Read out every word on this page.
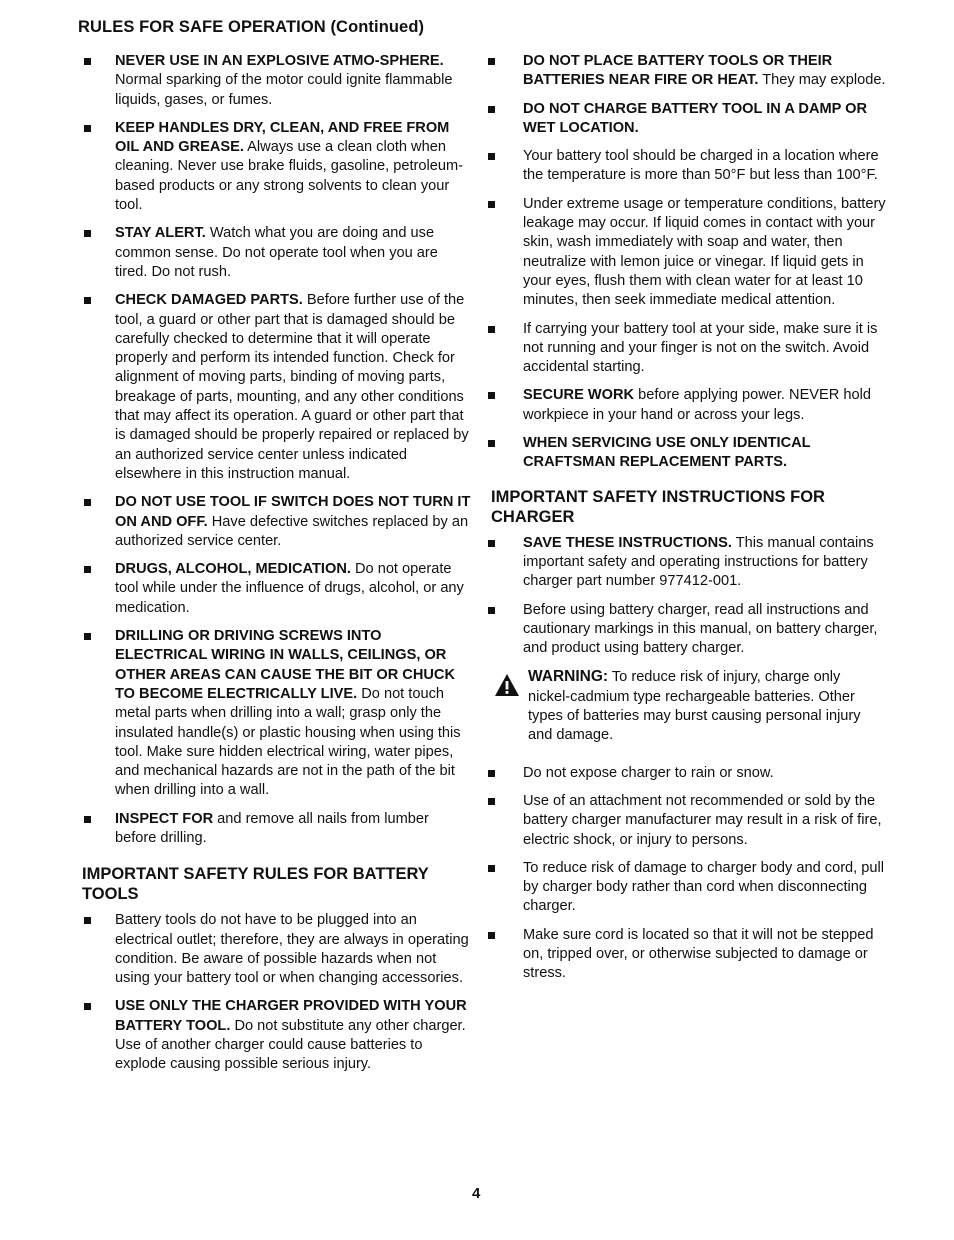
RULES FOR SAFE OPERATION (Continued)
NEVER USE IN AN EXPLOSIVE ATMO-SPHERE. Normal sparking of the motor could ignite flammable liquids, gases, or fumes.
KEEP HANDLES DRY, CLEAN, AND FREE FROM OIL AND GREASE. Always use a clean cloth when cleaning. Never use brake fluids, gasoline, petroleum-based products or any strong solvents to clean your tool.
STAY ALERT. Watch what you are doing and use common sense. Do not operate tool when you are tired. Do not rush.
CHECK DAMAGED PARTS. Before further use of the tool, a guard or other part that is damaged should be carefully checked to determine that it will operate properly and perform its intended function. Check for alignment of moving parts, binding of moving parts, breakage of parts, mounting, and any other conditions that may affect its operation. A guard or other part that is damaged should be properly repaired or replaced by an authorized service center unless indicated elsewhere in this instruction manual.
DO NOT USE TOOL IF SWITCH DOES NOT TURN IT ON AND OFF. Have defective switches replaced by an authorized service center.
DRUGS, ALCOHOL, MEDICATION. Do not operate tool while under the influence of drugs, alcohol, or any medication.
DRILLING OR DRIVING SCREWS INTO ELECTRICAL WIRING IN WALLS, CEILINGS, OR OTHER AREAS CAN CAUSE THE BIT OR CHUCK TO BECOME ELECTRICALLY LIVE. Do not touch metal parts when drilling into a wall; grasp only the insulated handle(s) or plastic housing when using this tool. Make sure hidden electrical wiring, water pipes, and mechanical hazards are not in the path of the bit when drilling into a wall.
INSPECT FOR and remove all nails from lumber before drilling.
IMPORTANT SAFETY RULES FOR BATTERY TOOLS
Battery tools do not have to be plugged into an electrical outlet; therefore, they are always in operating condition. Be aware of possible hazards when not using your battery tool or when changing accessories.
USE ONLY THE CHARGER PROVIDED WITH YOUR BATTERY TOOL. Do not substitute any other charger. Use of another charger could cause batteries to explode causing possible serious injury.
DO NOT PLACE BATTERY TOOLS OR THEIR BATTERIES NEAR FIRE OR HEAT. They may explode.
DO NOT CHARGE BATTERY TOOL IN A DAMP OR WET LOCATION.
Your battery tool should be charged in a location where the temperature is more than 50°F but less than 100°F.
Under extreme usage or temperature conditions, battery leakage may occur. If liquid comes in contact with your skin, wash immediately with soap and water, then neutralize with lemon juice or vinegar. If liquid gets in your eyes, flush them with clean water for at least 10 minutes, then seek immediate medical attention.
If carrying your battery tool at your side, make sure it is not running and your finger is not on the switch. Avoid accidental starting.
SECURE WORK before applying power. NEVER hold workpiece in your hand or across your legs.
WHEN SERVICING USE ONLY IDENTICAL CRAFTSMAN REPLACEMENT PARTS.
IMPORTANT SAFETY INSTRUCTIONS FOR CHARGER
SAVE THESE INSTRUCTIONS. This manual contains important safety and operating instructions for battery charger part number 977412-001.
Before using battery charger, read all instructions and cautionary markings in this manual, on battery charger, and product using battery charger.
WARNING: To reduce risk of injury, charge only nickel-cadmium type rechargeable batteries. Other types of batteries may burst causing personal injury and damage.
Do not expose charger to rain or snow.
Use of an attachment not recommended or sold by the battery charger manufacturer may result in a risk of fire, electric shock, or injury to persons.
To reduce risk of damage to charger body and cord, pull by charger body rather than cord when disconnecting charger.
Make sure cord is located so that it will not be stepped on, tripped over, or otherwise subjected to damage or stress.
4
